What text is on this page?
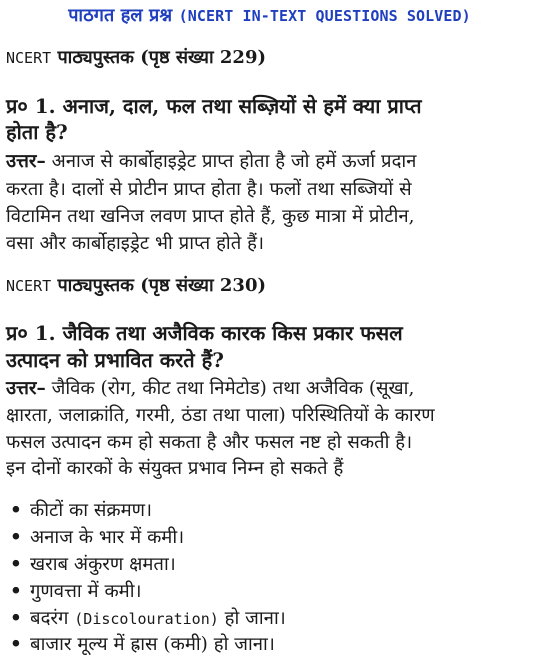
पाठगत हल प्रश्न (NCERT IN-TEXT QUESTIONS SOLVED)
NCERT पाठ्यपुस्तक (पृष्ठ संख्या 229)
प्र० 1. अनाज, दाल, फल तथा सब्ज़ियों से हमें क्या प्राप्त
होता है?
उत्तर– अनाज से कार्बोहाइड्रेट प्राप्त होता है जो हमें ऊर्जा प्रदान
करता है। दालों से प्रोटीन प्राप्त होता है। फलों तथा सब्जियों से
विटामिन तथा खनिज लवण प्राप्त होते हैं, कुछ मात्रा में प्रोटीन,
वसा और कार्बोहाइड्रेट भी प्राप्त होते हैं।
NCERT पाठ्यपुस्तक (पृष्ठ संख्या 230)
प्र० 1. जैविक तथा अजैविक कारक किस प्रकार फसल
उत्पादन को प्रभावित करते हैं?
उत्तर– जैविक (रोग, कीट तथा निमेटोड) तथा अजैविक (सूखा,
क्षारता, जलाक्रांति, गरमी, ठंडा तथा पाला) परिस्थितियों के कारण
फसल उत्पादन कम हो सकता है और फसल नष्ट हो सकती है।
इन दोनों कारकों के संयुक्त प्रभाव निम्न हो सकते हैं
• कीटों का संक्रमण।
• अनाज के भार में कमी।
• खराब अंकुरण क्षमता।
• गुणवत्ता में कमी।
• बदरंग (Discolouration) हो जाना।
• बाजार मूल्य में ह्रास (कमी) हो जाना।
